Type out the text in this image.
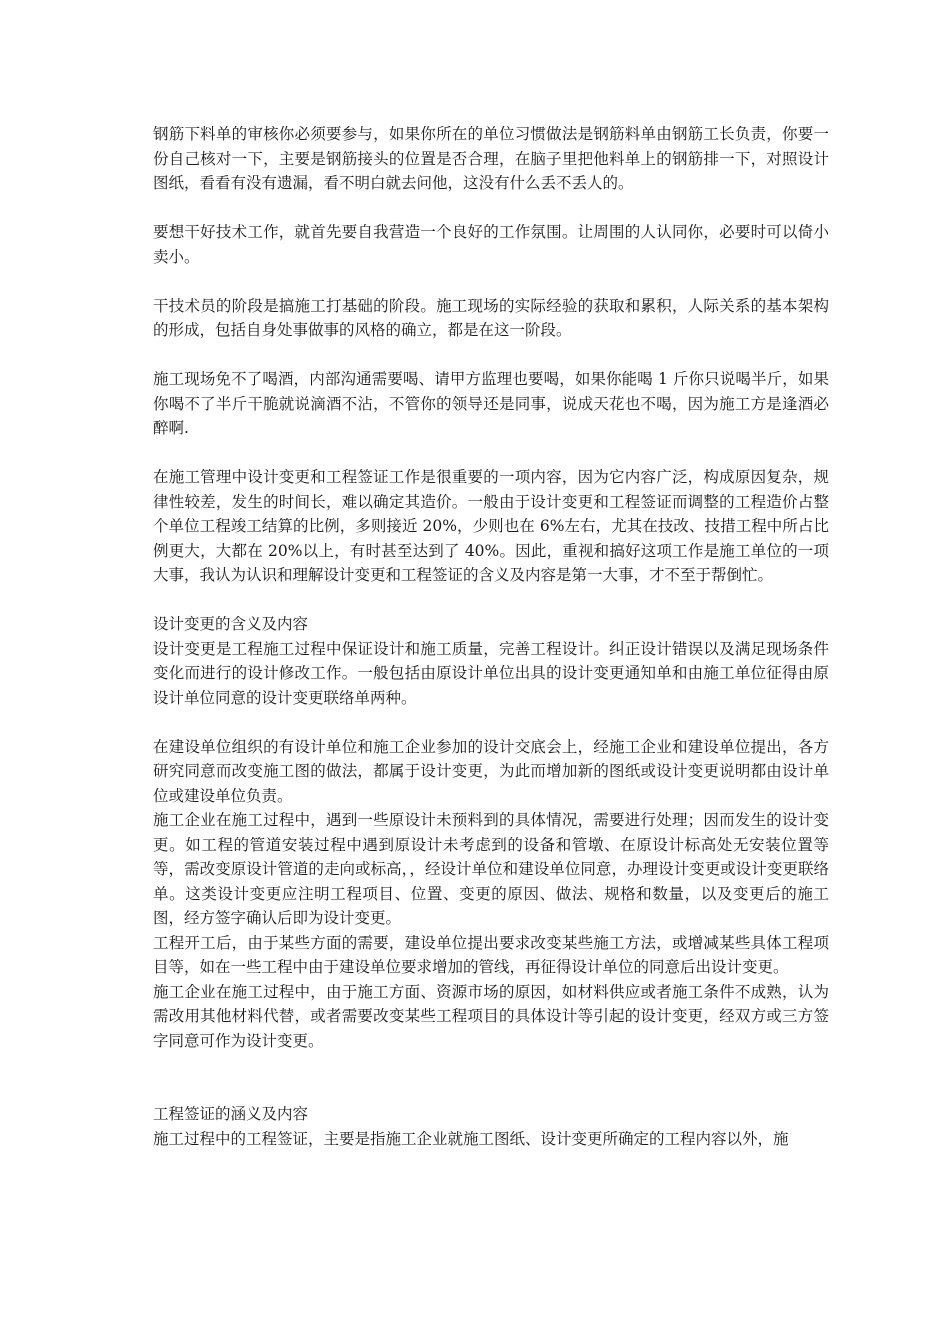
钢筋下料单的审核你必须要参与，如果你所在的单位习惯做法是钢筋料单由钢筋工长负责，你要一份自己核对一下，主要是钢筋接头的位置是否合理，在脑子里把他料单上的钢筋排一下，对照设计图纸，看看有没有遗漏，看不明白就去问他，这没有什么丢不丢人的。

要想干好技术工作，就首先要自我营造一个良好的工作氛围。让周围的人认同你，必要时可以倚小卖小。

干技术员的阶段是搞施工打基础的阶段。施工现场的实际经验的获取和累积，人际关系的基本架构的形成，包括自身处事做事的风格的确立，都是在这一阶段。

施工现场免不了喝酒，内部沟通需要喝、请甲方监理也要喝，如果你能喝 1 斤你只说喝半斤，如果你喝不了半斤干脆就说滴酒不沾，不管你的领导还是同事，说成天花也不喝，因为施工方是逢酒必醉啊.

在施工管理中设计变更和工程签证工作是很重要的一项内容，因为它内容广泛，构成原因复杂，规律性较差，发生的时间长，难以确定其造价。一般由于设计变更和工程签证而调整的工程造价占整个单位工程竣工结算的比例，多则接近 20%，少则也在 6%左右，尤其在技改、技措工程中所占比例更大，大都在 20%以上，有时甚至达到了 40%。因此，重视和搞好这项工作是施工单位的一项大事，我认为认识和理解设计变更和工程签证的含义及内容是第一大事，才不至于帮倒忙。

设计变更的含义及内容

设计变更是工程施工过程中保证设计和施工质量，完善工程设计。纠正设计错误以及满足现场条件变化而进行的设计修改工作。一般包括由原设计单位出具的设计变更通知单和由施工单位征得由原设计单位同意的设计变更联络单两种。

在建设单位组织的有设计单位和施工企业参加的设计交底会上，经施工企业和建设单位提出，各方研究同意而改变施工图的做法，都属于设计变更，为此而增加新的图纸或设计变更说明都由设计单位或建设单位负责。

施工企业在施工过程中，遇到一些原设计未预料到的具体情况，需要进行处理；因而发生的设计变更。如工程的管道安装过程中遇到原设计未考虑到的设备和管墩、在原设计标高处无安装位置等等，需改变原设计管道的走向或标高，，经设计单位和建设单位同意，办理设计变更或设计变更联络单。这类设计变更应注明工程项目、位置、变更的原因、做法、规格和数量，以及变更后的施工图，经方签字确认后即为设计变更。

工程开工后，由于某些方面的需要，建设单位提出要求改变某些施工方法，或增减某些具体工程项目等，如在一些工程中由于建设单位要求增加的管线，再征得设计单位的同意后出设计变更。

施工企业在施工过程中，由于施工方面、资源市场的原因，如材料供应或者施工条件不成熟，认为需改用其他材料代替，或者需要改变某些工程项目的具体设计等引起的设计变更，经双方或三方签字同意可作为设计变更。

工程签证的涵义及内容

施工过程中的工程签证，主要是指施工企业就施工图纸、设计变更所确定的工程内容以外，施
